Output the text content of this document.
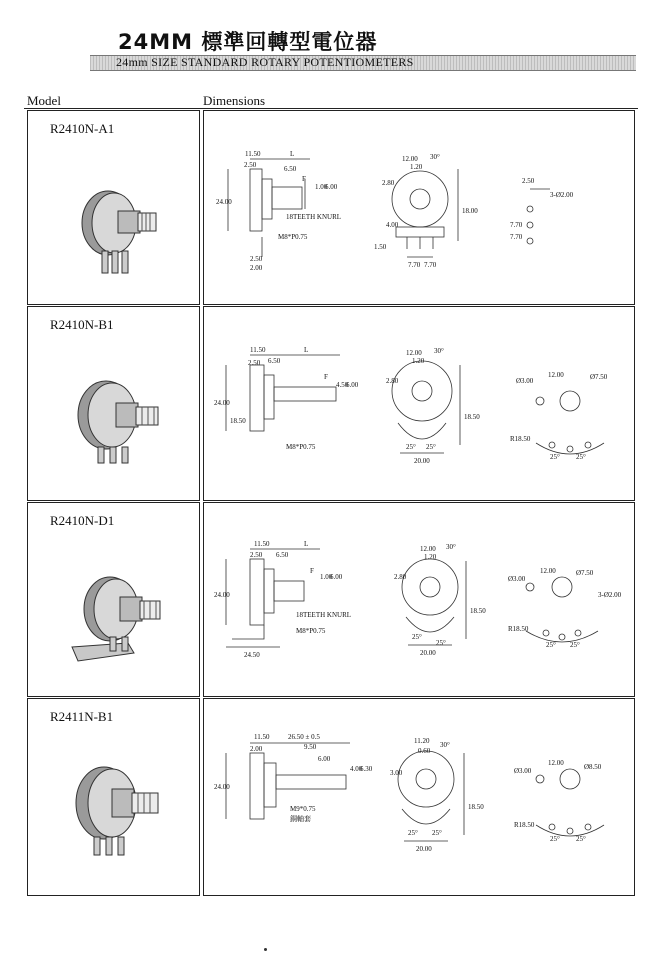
24MM 標準回轉型電位器
24mm SIZE STANDARD ROTARY POTENTIOMETERS
Model	Dimensions
R2410N-A1
11.50	L
2.50	6.50
F
1.00
6.00
24.00
18TEETH KNURL
M8*P0.75
2.50
2.00
12.00 30°
1.20
2.80
4.00
18.00
1.50
7.70 7.70
2.50
3-Ø2.00
7.70
7.70
R2410N-B1
11.50	L
2.50 6.50
F
4.50
6.00
24.00
18.50
M8*P0.75
12.00 30°
1.20
2.80
18.50
25° 25°
20.00
Ø3.00
12.00	Ø7.50
R18.50
25° 25°
R2410N-D1
11.50	L
2.50 6.50
F
1.00
6.00
24.00
18TEETH KNURL
M8*P0.75
24.50
12.00 30°
1.20
2.80
18.50
25°
25°
20.00
Ø3.00
12.00	Ø7.50
3-Ø2.00
R18.50
25° 25°
R2411N-B1
11.50	26.50 ± 0.5
2.00	9.50
6.00
4.00
6.30
24.00
M9*0.75
銅軸套
11.20 30°
0.60
3.00
18.50
25° 25°
20.00
Ø3.00
12.00	Ø8.50
R18.50
25° 25°
